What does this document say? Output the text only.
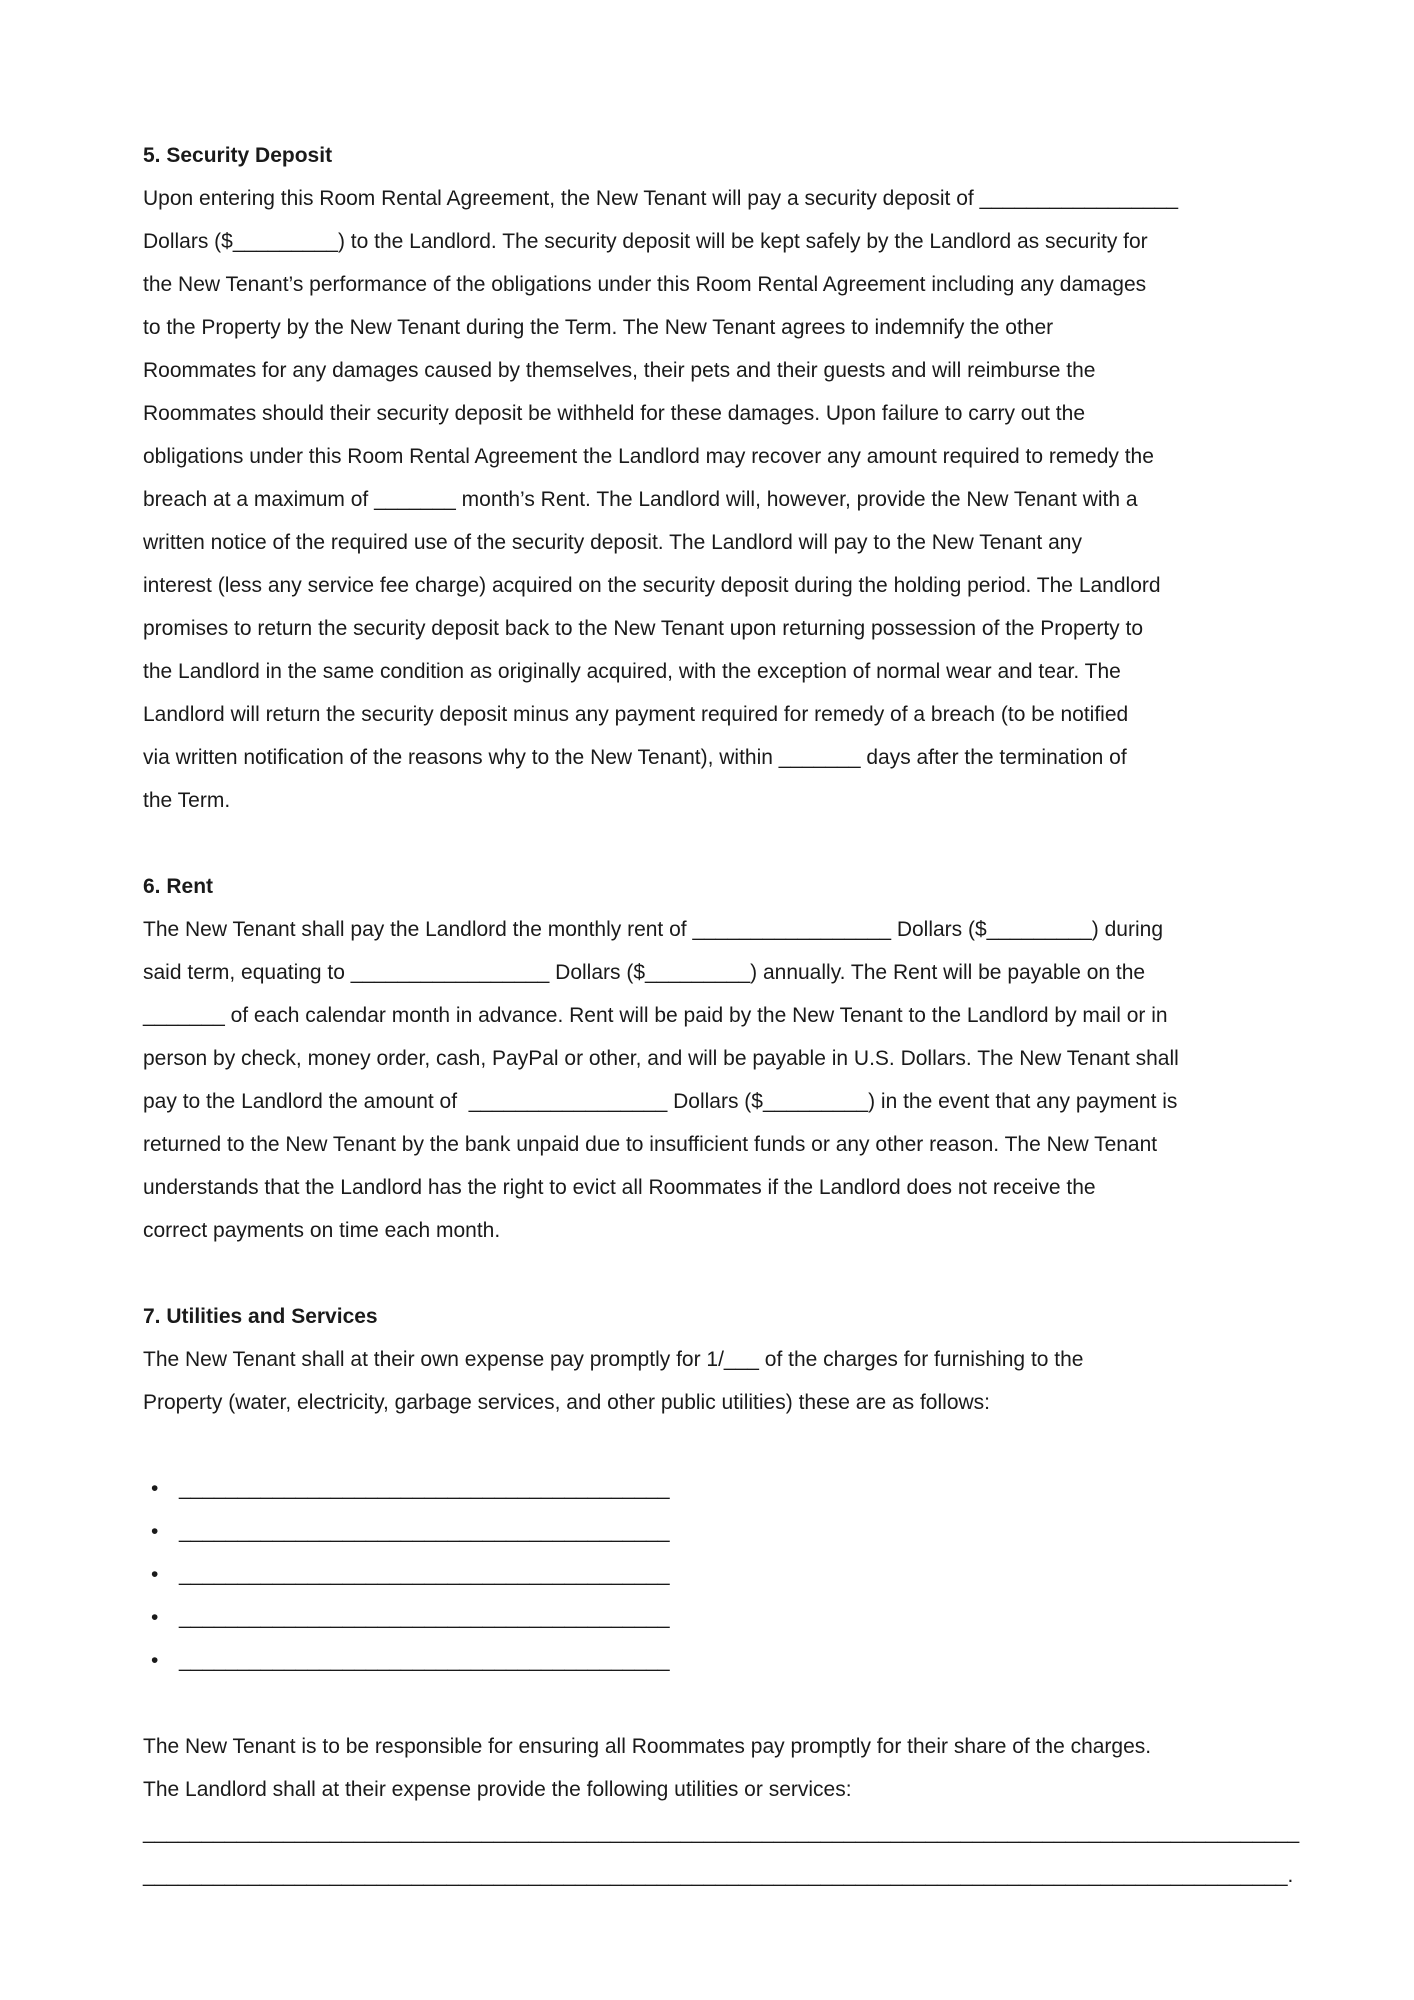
5. Security Deposit

Upon entering this Room Rental Agreement, the New Tenant will pay a security deposit of _________________
Dollars ($_________) to the Landlord. The security deposit will be kept safely by the Landlord as security for
the New Tenant’s performance of the obligations under this Room Rental Agreement including any damages
to the Property by the New Tenant during the Term. The New Tenant agrees to indemnify the other
Roommates for any damages caused by themselves, their pets and their guests and will reimburse the
Roommates should their security deposit be withheld for these damages. Upon failure to carry out the
obligations under this Room Rental Agreement the Landlord may recover any amount required to remedy the
breach at a maximum of _______ month’s Rent. The Landlord will, however, provide the New Tenant with a
written notice of the required use of the security deposit. The Landlord will pay to the New Tenant any
interest (less any service fee charge) acquired on the security deposit during the holding period. The Landlord
promises to return the security deposit back to the New Tenant upon returning possession of the Property to
the Landlord in the same condition as originally acquired, with the exception of normal wear and tear. The
Landlord will return the security deposit minus any payment required for remedy of a breach (to be notified
via written notification of the reasons why to the New Tenant), within _______ days after the termination of
the Term.

6. Rent

The New Tenant shall pay the Landlord the monthly rent of _________________ Dollars ($_________) during
said term, equating to _________________ Dollars ($_________) annually. The Rent will be payable on the
_______ of each calendar month in advance. Rent will be paid by the New Tenant to the Landlord by mail or in
person by check, money order, cash, PayPal or other, and will be payable in U.S. Dollars. The New Tenant shall
pay to the Landlord the amount of  _________________ Dollars ($_________) in the event that any payment is
returned to the New Tenant by the bank unpaid due to insufficient funds or any other reason. The New Tenant
understands that the Landlord has the right to evict all Roommates if the Landlord does not receive the
correct payments on time each month.

7. Utilities and Services

The New Tenant shall at their own expense pay promptly for 1/___ of the charges for furnishing to the
Property (water, electricity, garbage services, and other public utilities) these are as follows:

• __________________________________________
• __________________________________________
• __________________________________________
• __________________________________________
• __________________________________________

The New Tenant is to be responsible for ensuring all Roommates pay promptly for their share of the charges.
The Landlord shall at their expense provide the following utilities or services:
___________________________________________________________________________________________________
__________________________________________________________________________________________________.
